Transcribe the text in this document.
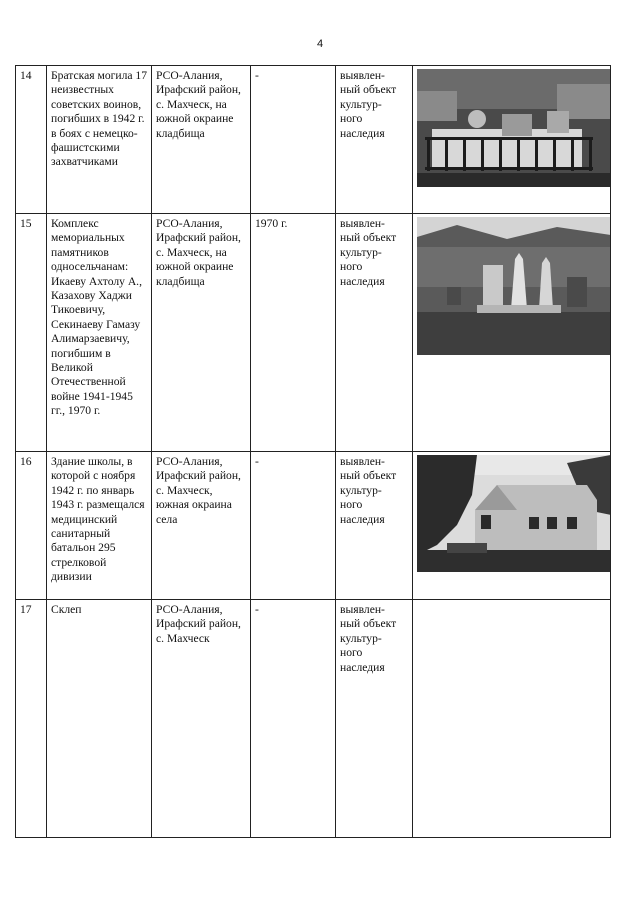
4
14	Братская могила 17 неизвестных советских воинов, погибших в 1942 г. в боях с немецко-фашистскими захватчиками	РСО-Алания,
Ирафский район,
с. Махческ, на южной окраине кладбища	-	выявлен-
ный объект культур-
ного наследия	

15	Комплекс мемориальных памятников односельчанам: Икаеву Ахтолу А., Казахову Хаджи Тикоевичу, Секинаеву Гамазу Алимарзаевичу, погибшим в Великой Отечественной войне 1941-1945 гг., 1970 г.	РСО-Алания,
Ирафский район,
с. Махческ, на южной окраине кладбища	1970 г.	выявлен-
ный объект культур-
ного наследия	

16	Здание школы, в которой с ноября 1942 г. по январь 1943 г. размещался медицинский санитарный батальон 295 стрелковой дивизии	РСО-Алания,
Ирафский район,
с. Махческ, южная окраина села	-	выявлен-
ный объект культур-
ного наследия	

17	Склеп	РСО-Алания,
Ирафский район,
с. Махческ	-	выявлен-
ный объект культур-
ного наследия	
